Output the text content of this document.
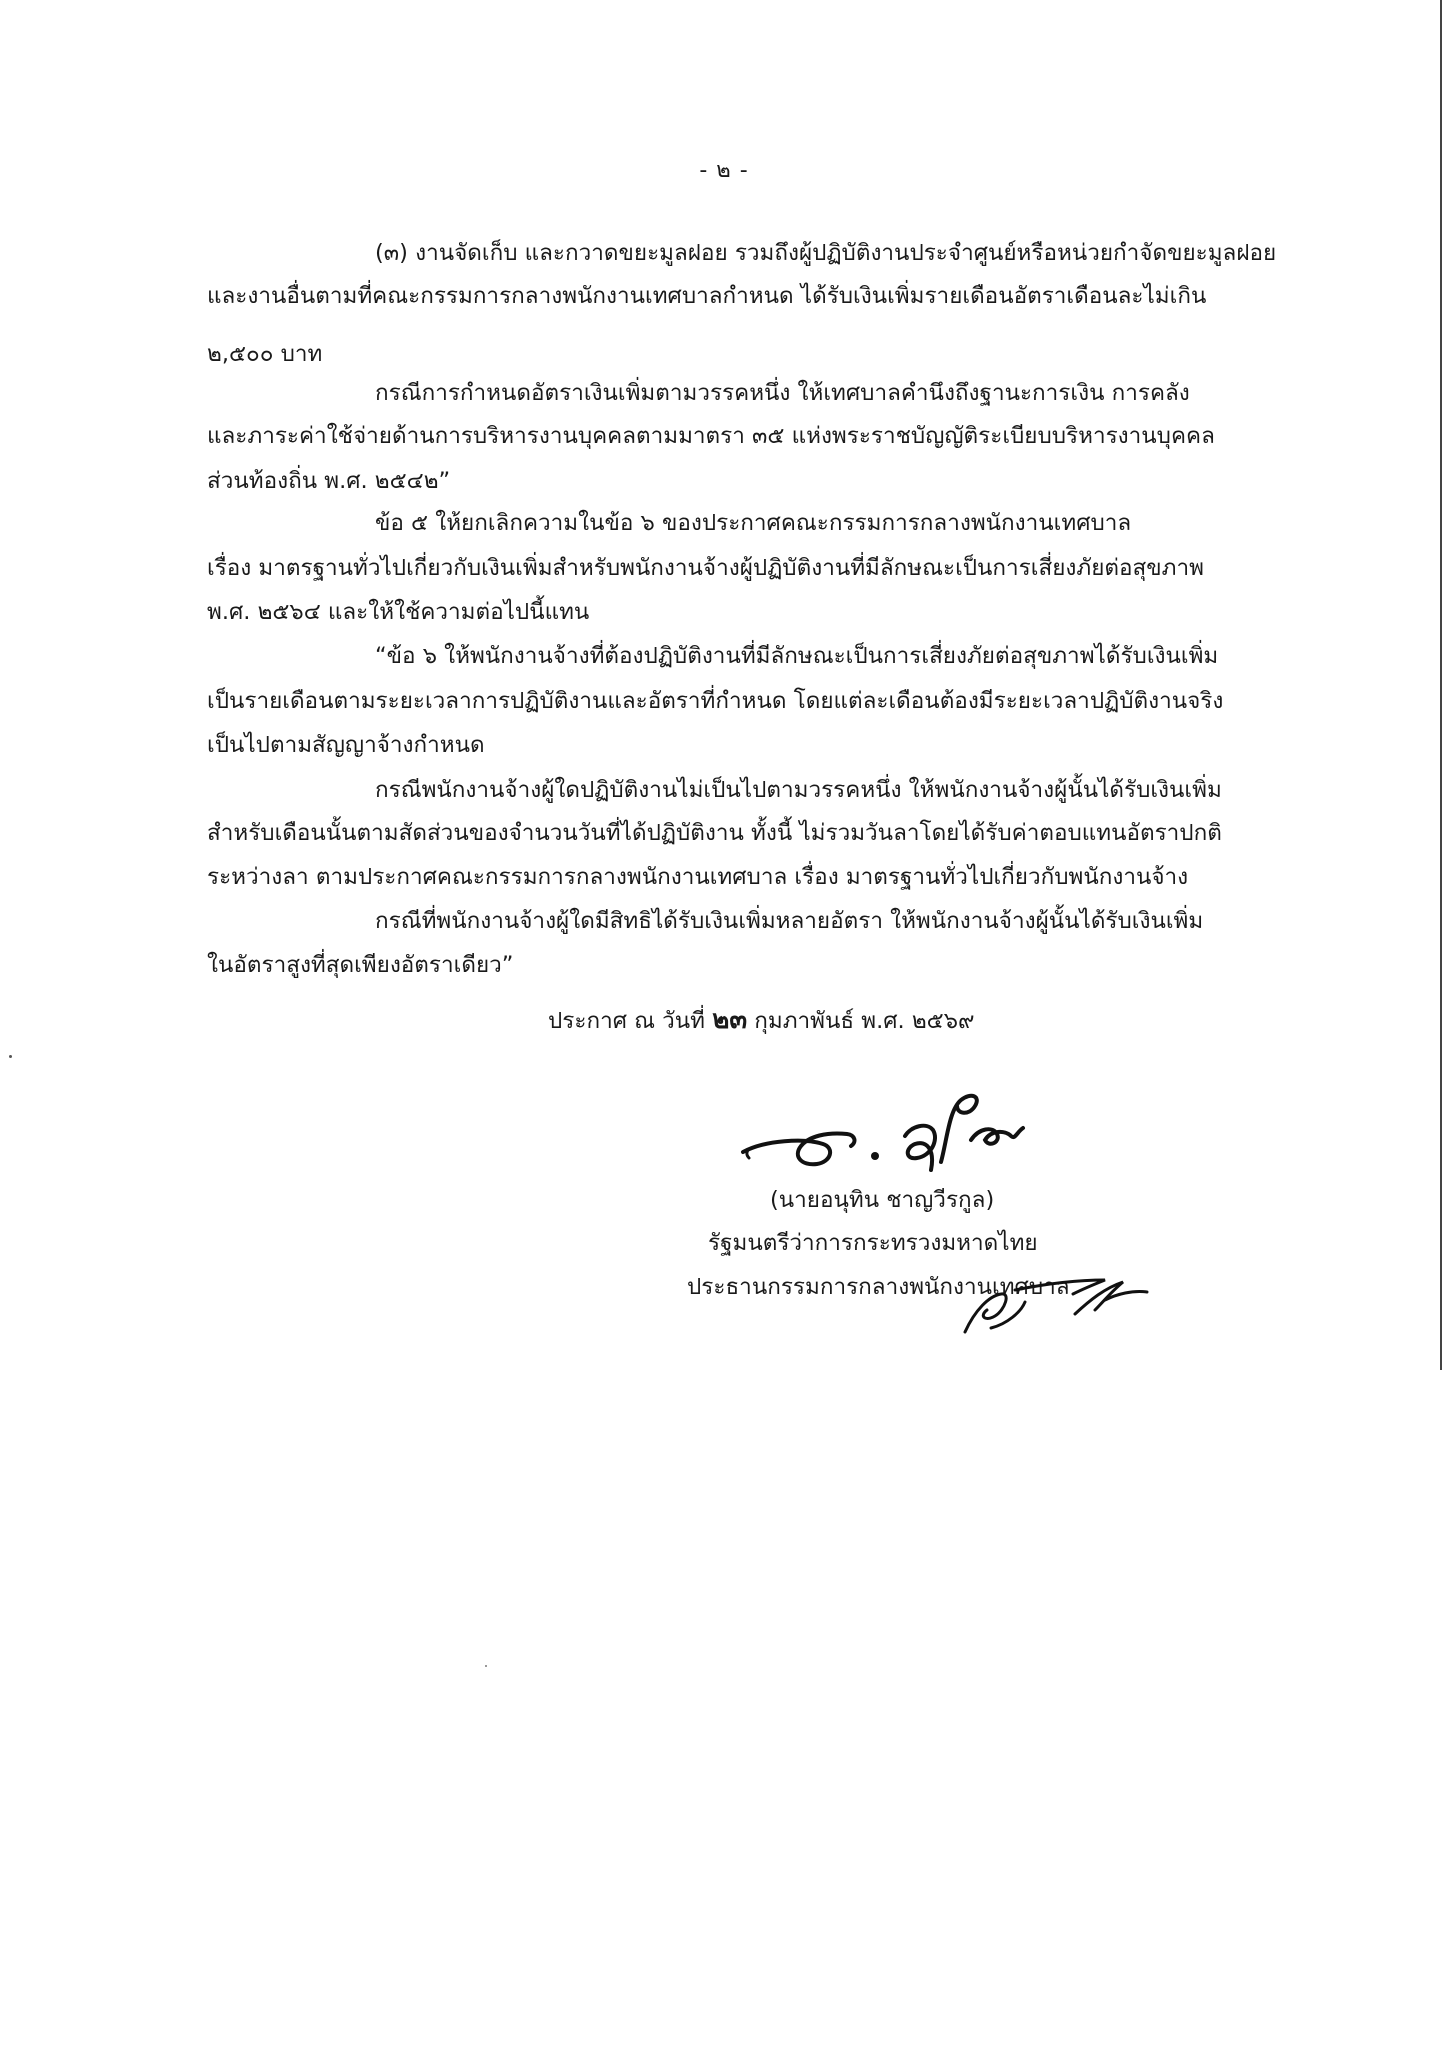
- ๒ -
(๓) งานจัดเก็บ และกวาดขยะมูลฝอย รวมถึงผู้ปฏิบัติงานประจำศูนย์หรือหน่วยกำจัดขยะมูลฝอย
และงานอื่นตามที่คณะกรรมการกลางพนักงานเทศบาลกำหนด ได้รับเงินเพิ่มรายเดือนอัตราเดือนละไม่เกิน
๒,๕๐๐ บาท
กรณีการกำหนดอัตราเงินเพิ่มตามวรรคหนึ่ง ให้เทศบาลคำนึงถึงฐานะการเงิน การคลัง
และภาระค่าใช้จ่ายด้านการบริหารงานบุคคลตามมาตรา ๓๕ แห่งพระราชบัญญัติระเบียบบริหารงานบุคคล
ส่วนท้องถิ่น พ.ศ. ๒๕๔๒”
ข้อ ๕ ให้ยกเลิกความในข้อ ๖ ของประกาศคณะกรรมการกลางพนักงานเทศบาล
เรื่อง มาตรฐานทั่วไปเกี่ยวกับเงินเพิ่มสำหรับพนักงานจ้างผู้ปฏิบัติงานที่มีลักษณะเป็นการเสี่ยงภัยต่อสุขภาพ
พ.ศ. ๒๕๖๔ และให้ใช้ความต่อไปนี้แทน
“ข้อ ๖ ให้พนักงานจ้างที่ต้องปฏิบัติงานที่มีลักษณะเป็นการเสี่ยงภัยต่อสุขภาพได้รับเงินเพิ่ม
เป็นรายเดือนตามระยะเวลาการปฏิบัติงานและอัตราที่กำหนด โดยแต่ละเดือนต้องมีระยะเวลาปฏิบัติงานจริง
เป็นไปตามสัญญาจ้างกำหนด
กรณีพนักงานจ้างผู้ใดปฏิบัติงานไม่เป็นไปตามวรรคหนึ่ง ให้พนักงานจ้างผู้นั้นได้รับเงินเพิ่ม
สำหรับเดือนนั้นตามสัดส่วนของจำนวนวันที่ได้ปฏิบัติงาน ทั้งนี้ ไม่รวมวันลาโดยได้รับค่าตอบแทนอัตราปกติ
ระหว่างลา ตามประกาศคณะกรรมการกลางพนักงานเทศบาล เรื่อง มาตรฐานทั่วไปเกี่ยวกับพนักงานจ้าง
กรณีที่พนักงานจ้างผู้ใดมีสิทธิได้รับเงินเพิ่มหลายอัตรา ให้พนักงานจ้างผู้นั้นได้รับเงินเพิ่ม
ในอัตราสูงที่สุดเพียงอัตราเดียว”
ประกาศ ณ วันที่ ๒๓ กุมภาพันธ์ พ.ศ. ๒๕๖๙
(นายอนุทิน ชาญวีรกูล)
รัฐมนตรีว่าการกระทรวงมหาดไทย
ประธานกรรมการกลางพนักงานเทศบาล
